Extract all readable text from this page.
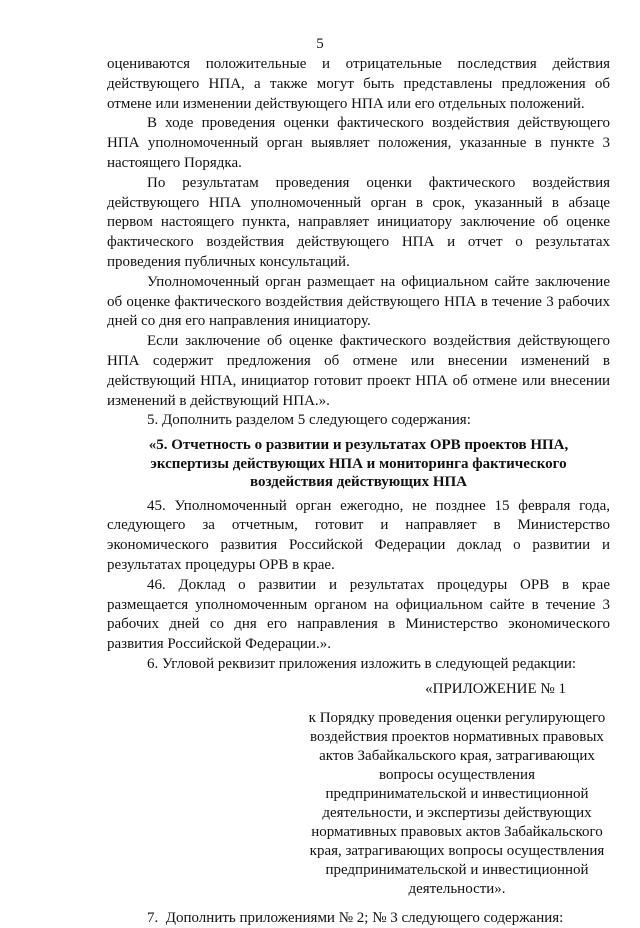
5

оцениваются положительные и отрицательные последствия действия действующего НПА, а также могут быть представлены предложения об отмене или изменении действующего НПА или его отдельных положений.

В ходе проведения оценки фактического воздействия действующего НПА уполномоченный орган выявляет положения, указанные в пункте 3 настоящего Порядка.

По результатам проведения оценки фактического воздействия действующего НПА уполномоченный орган в срок, указанный в абзаце первом настоящего пункта, направляет инициатору заключение об оценке фактического воздействия действующего НПА и отчет о результатах проведения публичных консультаций.

Уполномоченный орган размещает на официальном сайте заключение об оценке фактического воздействия действующего НПА в течение 3 рабочих дней со дня его направления инициатору.

Если заключение об оценке фактического воздействия действующего НПА содержит предложения об отмене или внесении изменений в действующий НПА, инициатор готовит проект НПА об отмене или внесении изменений в действующий НПА.».

5. Дополнить разделом 5 следующего содержания:

«5. Отчетность о развитии и результатах ОРВ проектов НПА, экспертизы действующих НПА и мониторинга фактического воздействия действующих НПА

45. Уполномоченный орган ежегодно, не позднее 15 февраля года, следующего за отчетным, готовит и направляет в Министерство экономического развития Российской Федерации доклад о развитии и результатах процедуры ОРВ в крае.

46. Доклад о развитии и результатах процедуры ОРВ в крае размещается уполномоченным органом на официальном сайте в течение 3 рабочих дней со дня его направления в Министерство экономического развития Российской Федерации.».

6. Угловой реквизит приложения изложить в следующей редакции:

«ПРИЛОЖЕНИЕ № 1
к Порядку проведения оценки регулирующего воздействия проектов нормативных правовых актов Забайкальского края, затрагивающих вопросы осуществления предпринимательской и инвестиционной деятельности, и экспертизы действующих нормативных правовых актов Забайкальского края, затрагивающих вопросы осуществления предпринимательской и инвестиционной деятельности».

7. Дополнить приложениями № 2; № 3 следующего содержания:
